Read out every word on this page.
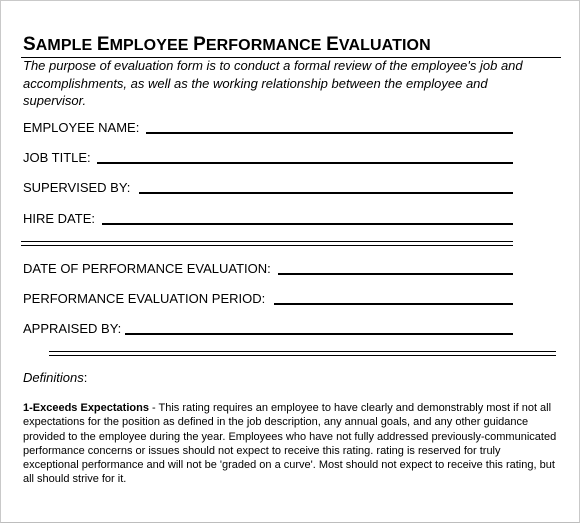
SAMPLE EMPLOYEE PERFORMANCE EVALUATION
The purpose of evaluation form is to conduct a formal review of the employee's job and accomplishments, as well as the working relationship between the employee and supervisor.
EMPLOYEE NAME:
JOB TITLE:
SUPERVISED BY:
HIRE DATE:
DATE OF PERFORMANCE EVALUATION:
PERFORMANCE EVALUATION PERIOD:
APPRAISED BY:
Definitions:
1-Exceeds Expectations - This rating requires an employee to have clearly and demonstrably most if not all expectations for the position as defined in the job description, any annual goals, and any other guidance provided to the employee during the year. Employees who have not fully addressed previously-communicated performance concerns or issues should not expect to receive this rating. rating is reserved for truly exceptional performance and will not be 'graded on a curve'. Most should not expect to receive this rating, but all should strive for it.
